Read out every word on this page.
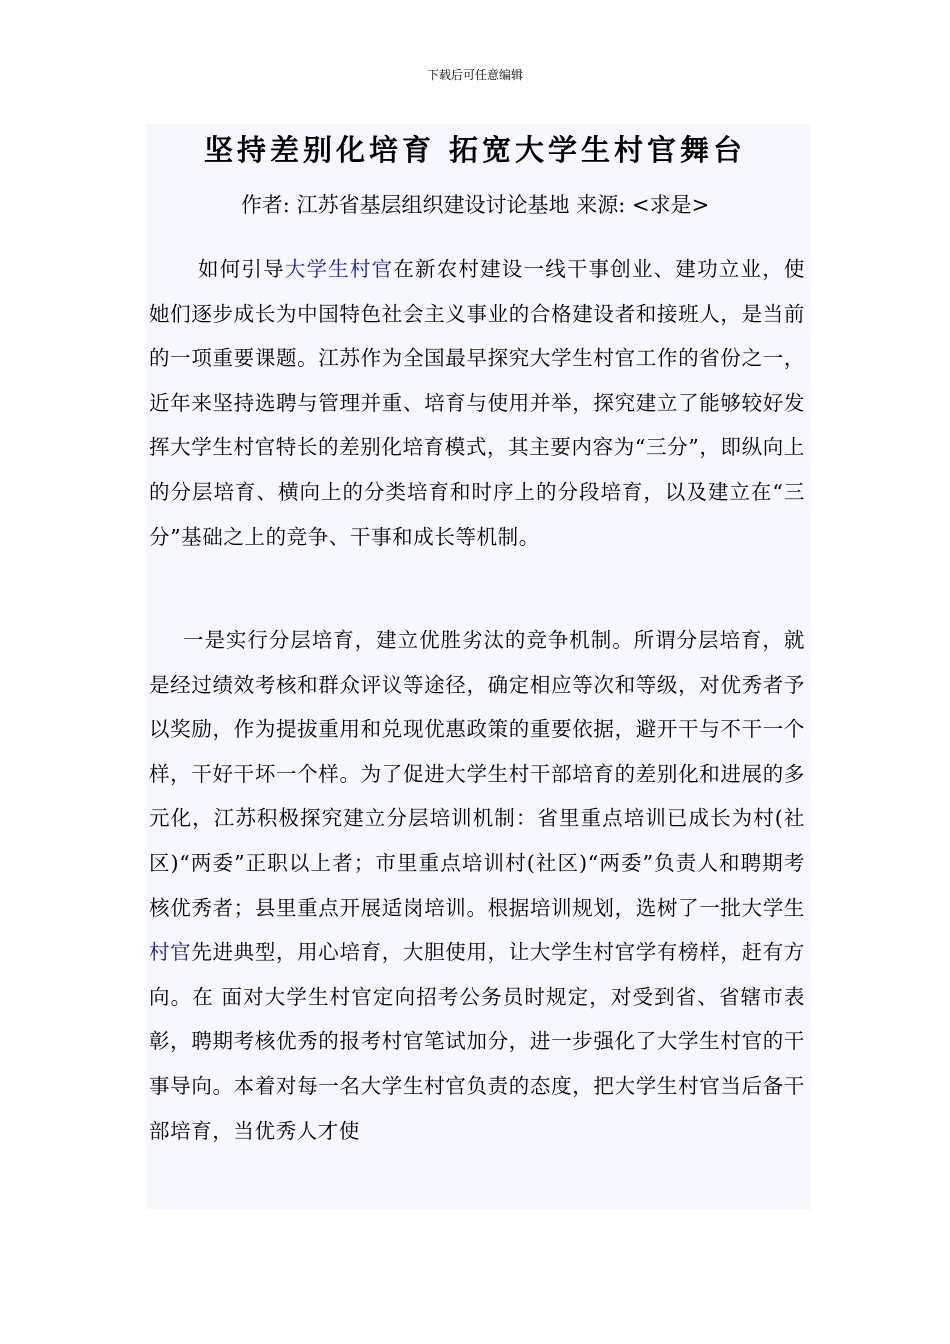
下载后可任意编辑
坚持差别化培育 拓宽大学生村官舞台
作者: 江苏省基层组织建设讨论基地 来源: <求是>

如何引导大学生村官在新农村建设一线干事创业、建功立业，使她们逐步成长为中国特色社会主义事业的合格建设者和接班人，是当前的一项重要课题。江苏作为全国最早探究大学生村官工作的省份之一，近年来坚持选聘与管理并重、培育与使用并举，探究建立了能够较好发挥大学生村官特长的差别化培育模式，其主要内容为“三分”，即纵向上的分层培育、横向上的分类培育和时序上的分段培育，以及建立在“三分”基础之上的竞争、干事和成长等机制。

一是实行分层培育，建立优胜劣汰的竞争机制。所谓分层培育，就是经过绩效考核和群众评议等途径，确定相应等次和等级，对优秀者予以奖励，作为提拔重用和兑现优惠政策的重要依据，避开干与不干一个样，干好干坏一个样。为了促进大学生村干部培育的差别化和进展的多元化，江苏积极探究建立分层培训机制：省里重点培训已成长为村(社区)“两委”正职以上者；市里重点培训村(社区)“两委”负责人和聘期考核优秀者；县里重点开展适岗培训。根据培训规划，选树了一批大学生村官先进典型，用心培育，大胆使用，让大学生村官学有榜样，赶有方向。在 面对大学生村官定向招考公务员时规定，对受到省、省辖市表彰，聘期考核优秀的报考村官笔试加分，进一步强化了大学生村官的干事导向。本着对每一名大学生村官负责的态度，把大学生村官当后备干部培育，当优秀人才使
